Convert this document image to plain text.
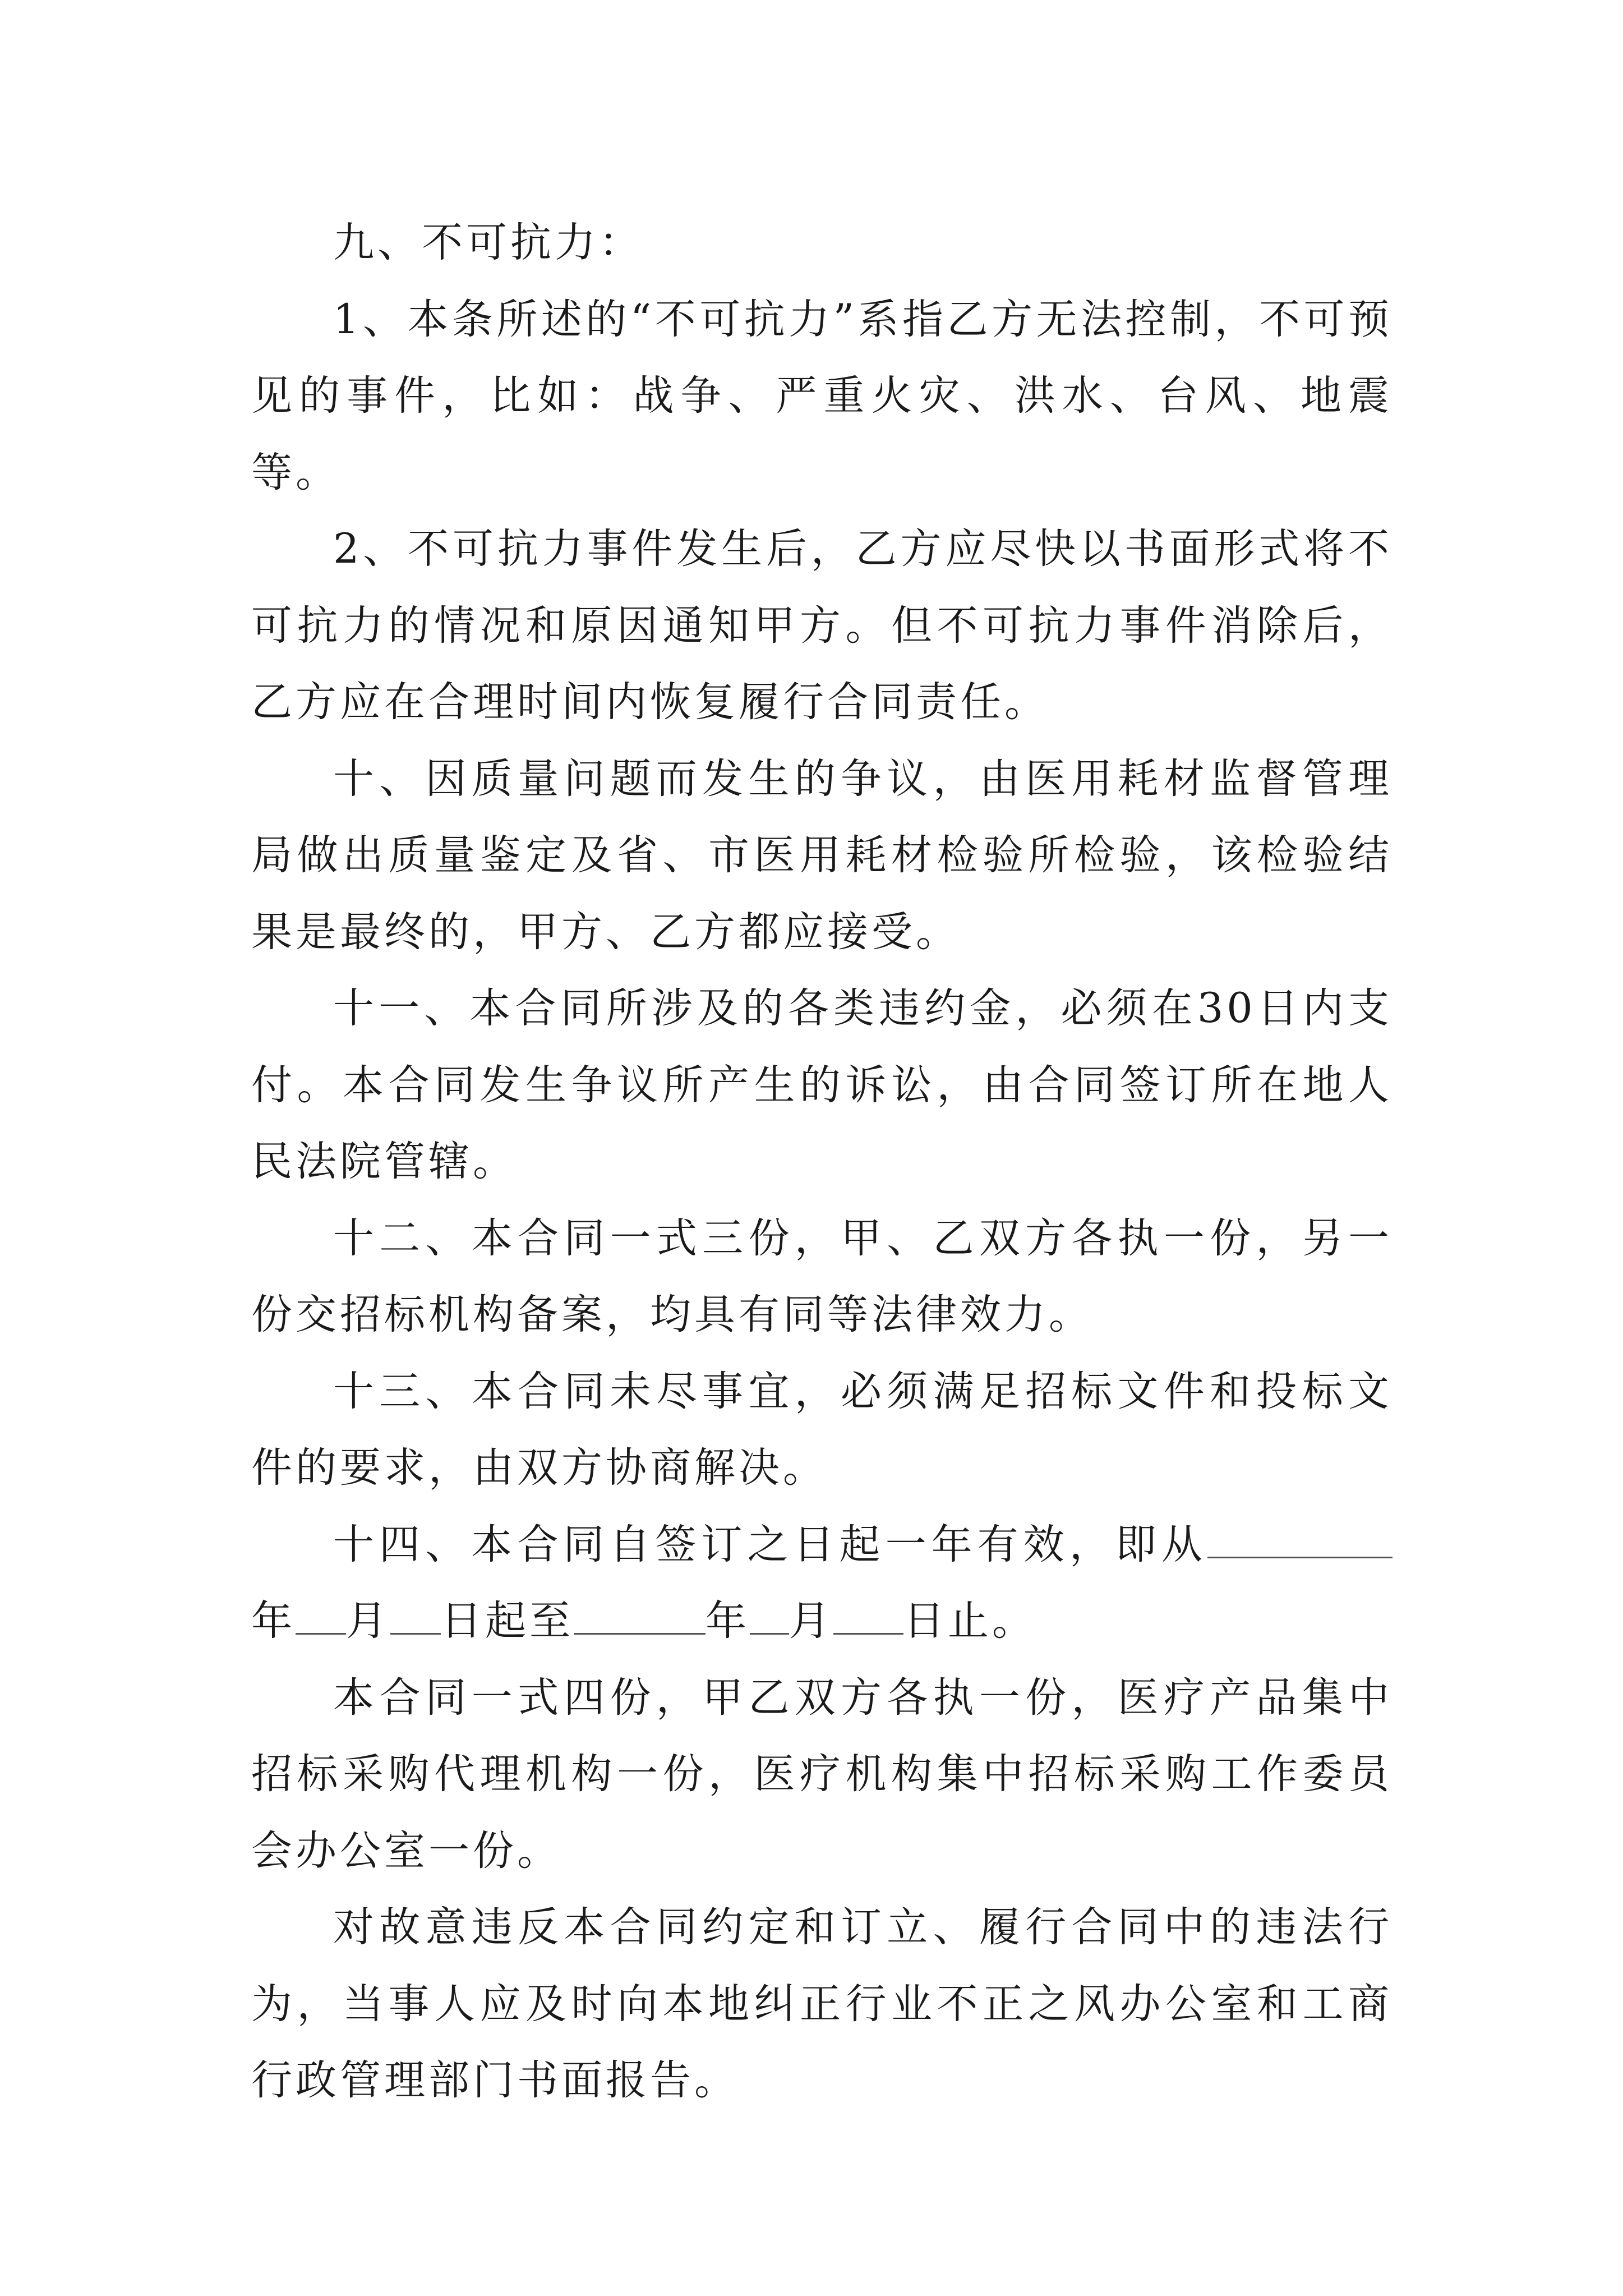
九、不可抗力：

1、本条所述的“不可抗力”系指乙方无法控制，不可预见的事件，比如：战争、严重火灾、洪水、台风、地震等。

2、不可抗力事件发生后，乙方应尽快以书面形式将不可抗力的情况和原因通知甲方。但不可抗力事件消除后，乙方应在合理时间内恢复履行合同责任。

十、因质量问题而发生的争议，由医用耗材监督管理局做出质量鉴定及省、市医用耗材检验所检验，该检验结果是最终的，甲方、乙方都应接受。

十一、本合同所涉及的各类违约金，必须在30日内支付。本合同发生争议所产生的诉讼，由合同签订所在地人民法院管辖。

十二、本合同一式三份，甲、乙双方各执一份，另一份交招标机构备案，均具有同等法律效力。

十三、本合同未尽事宜，必须满足招标文件和投标文件的要求，由双方协商解决。

十四、本合同自签订之日起一年有效，即从年 月 日起至	年 月 日止。

本合同一式四份，甲乙双方各执一份，医疗产品集中招标采购代理机构一份，医疗机构集中招标采购工作委员会办公室一份。

对故意违反本合同约定和订立、履行合同中的违法行为，当事人应及时向本地纠正行业不正之风办公室和工商行政管理部门书面报告。
